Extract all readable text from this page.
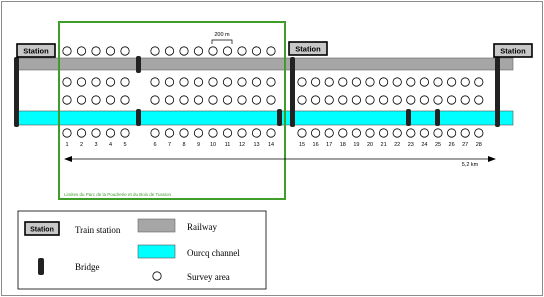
Station	Station	Station
200 m
1 2 3 4 5	6 7 8 9 10 11 12 13 14	15 16 17 18 19 20 21 22 23 24 25 26 27 28
5,2 km
Limites du Parc de la Poudrerie et du Bois de Tussion
Station Train station	Railway
Ourcq channel
Bridge
Survey area
